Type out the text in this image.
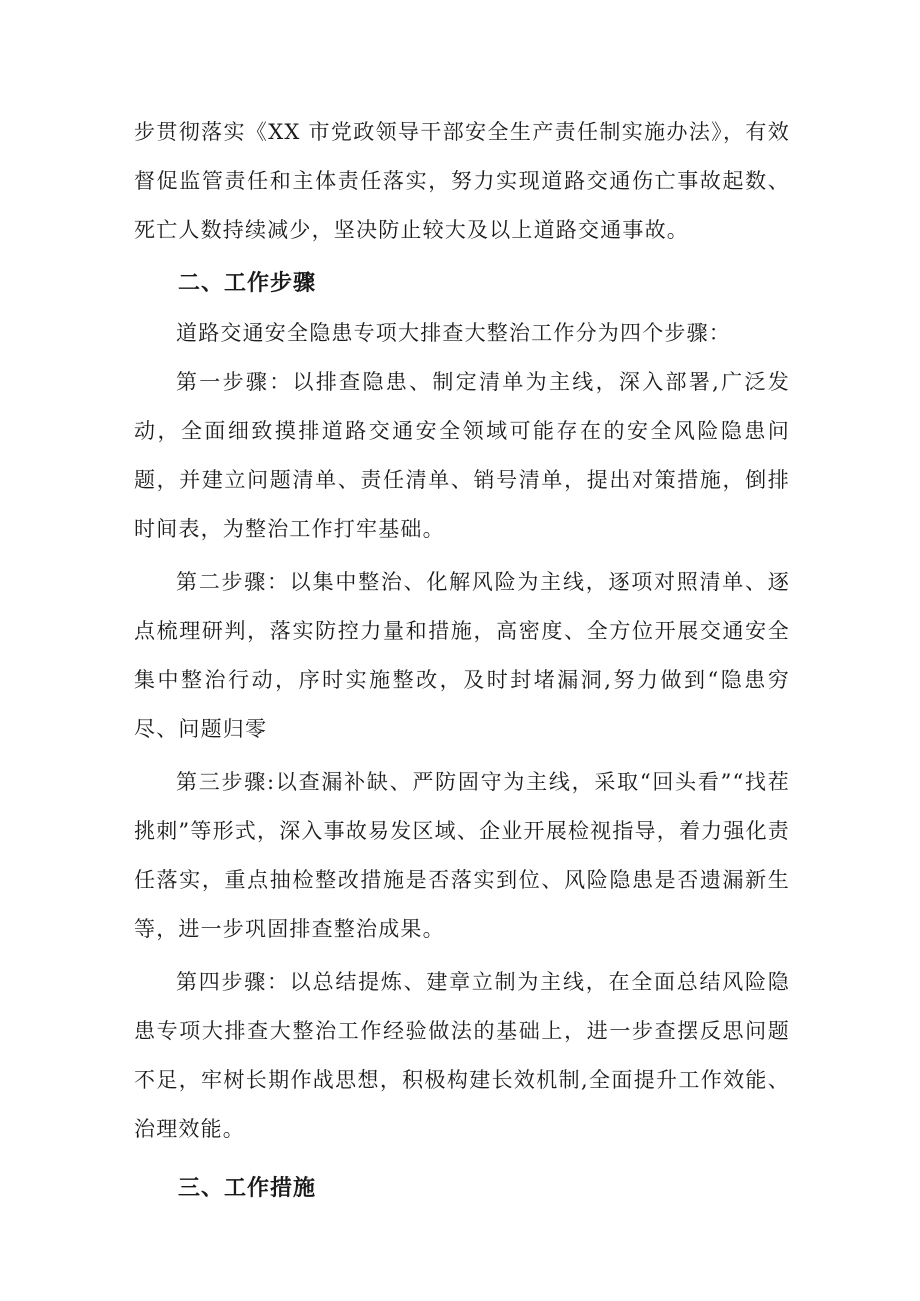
步贯彻落实《XX 市党政领导干部安全生产责任制实施办法》，有效督促监管责任和主体责任落实，努力实现道路交通伤亡事故起数、死亡人数持续减少，坚决防止较大及以上道路交通事故。

二、工作步骤

道路交通安全隐患专项大排查大整治工作分为四个步骤：

第一步骤：以排查隐患、制定清单为主线，深入部署,广泛发动，全面细致摸排道路交通安全领域可能存在的安全风险隐患问题，并建立问题清单、责任清单、销号清单，提出对策措施，倒排时间表，为整治工作打牢基础。

第二步骤：以集中整治、化解风险为主线，逐项对照清单、逐点梳理研判，落实防控力量和措施，高密度、全方位开展交通安全集中整治行动，序时实施整改，及时封堵漏洞,努力做到“隐患穷尽、问题归零

第三步骤:以查漏补缺、严防固守为主线，采取“回头看”“找茬挑刺”等形式，深入事故易发区域、企业开展检视指导，着力强化责任落实，重点抽检整改措施是否落实到位、风险隐患是否遗漏新生等，进一步巩固排查整治成果。

第四步骤：以总结提炼、建章立制为主线，在全面总结风险隐患专项大排查大整治工作经验做法的基础上，进一步查摆反思问题不足，牢树长期作战思想，积极构建长效机制,全面提升工作效能、治理效能。

三、工作措施
